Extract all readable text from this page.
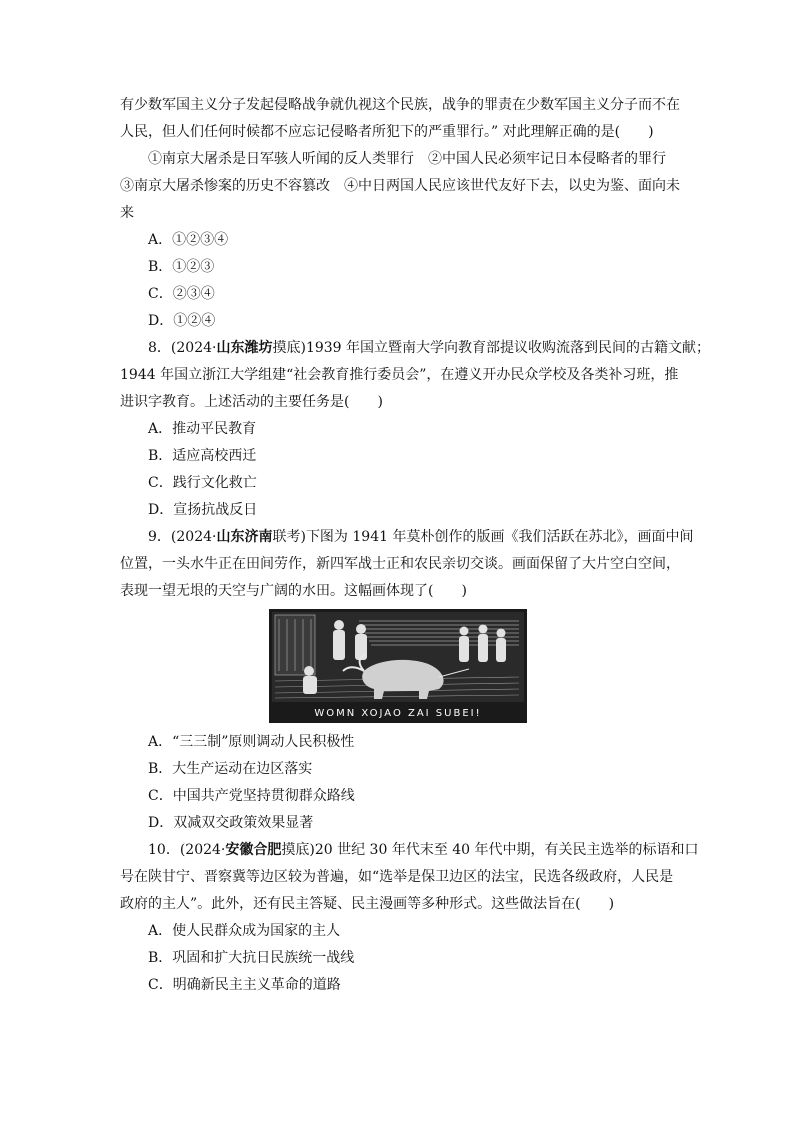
有少数军国主义分子发起侵略战争就仇视这个民族，战争的罪责在少数军国主义分子而不在
人民，但人们任何时候都不应忘记侵略者所犯下的严重罪行。” 对此理解正确的是(　　)
①南京大屠杀是日军骇人听闻的反人类罪行　②中国人民必须牢记日本侵略者的罪行
③南京大屠杀惨案的历史不容篡改　④中日两国人民应该世代友好下去，以史为鉴、面向未
来
A．①②③④
B．①②③
C．②③④
D．①②④
8．(2024·山东潍坊摸底)1939 年国立暨南大学向教育部提议收购流落到民间的古籍文献；
1944 年国立浙江大学组建“社会教育推行委员会”，在遵义开办民众学校及各类补习班，推
进识字教育。上述活动的主要任务是(　　)
A．推动平民教育
B．适应高校西迁
C．践行文化救亡
D．宣扬抗战反日
9．(2024·山东济南联考)下图为 1941 年莫朴创作的版画《我们活跃在苏北》，画面中间
位置，一头水牛正在田间劳作，新四军战士正和农民亲切交谈。画面保留了大片空白空间，
表现一望无垠的天空与广阔的水田。这幅画体现了(　　)
WOMN XOJAO ZAI SUBEI!
A．“三三制”原则调动人民积极性
B．大生产运动在边区落实
C．中国共产党坚持贯彻群众路线
D．双减双交政策效果显著
10．(2024·安徽合肥摸底)20 世纪 30 年代末至 40 年代中期，有关民主选举的标语和口
号在陕甘宁、晋察冀等边区较为普遍，如“选举是保卫边区的法宝，民选各级政府，人民是
政府的主人”。此外，还有民主答疑、民主漫画等多种形式。这些做法旨在(　　)
A．使人民群众成为国家的主人
B．巩固和扩大抗日民族统一战线
C．明确新民主主义革命的道路
